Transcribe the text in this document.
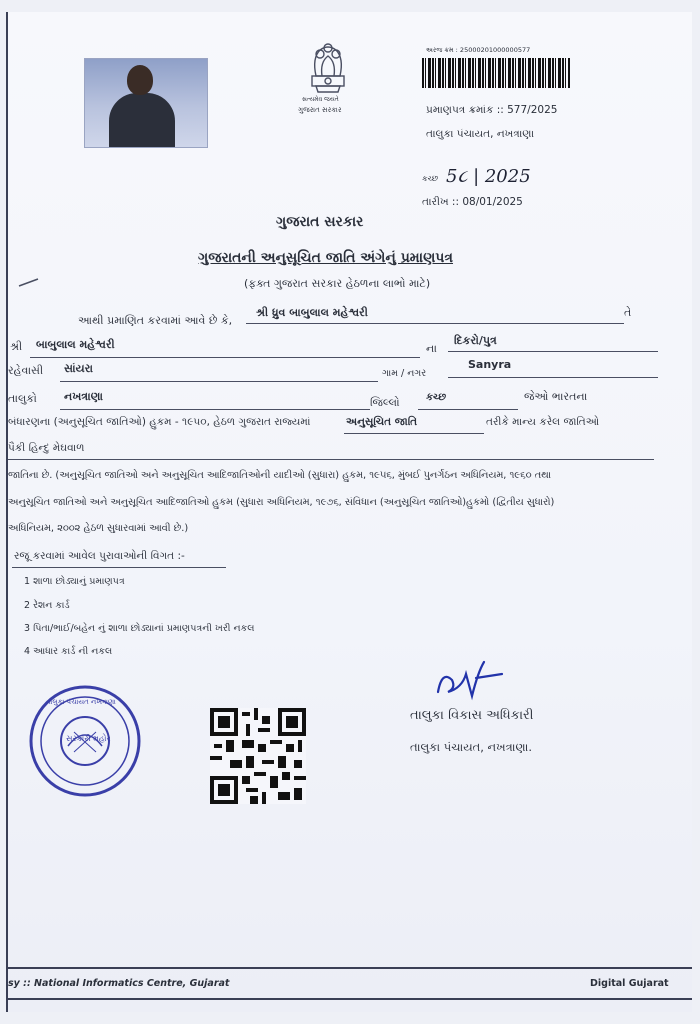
સત્યમેવ જયતે
ગુજરાત સરકાર
અરજ ક્રમ : 25000201000000577
પ્રમાણપત્ર ક્રમાંક :: 577/2025
તાલુકા પંચાયત, નખત્રાણા
કચ્છ 5૮ | 2025
તારીખ :: 08/01/2025
ગુજરાત સરકાર
ગુજરાતની અનુસૂચિત જાતિ અંગેનું પ્રમાણપત્ર
(ફક્ત ગુજરાત સરકાર હેઠળના લાભો માટે)
આથી પ્રમાણિત કરવામાં આવે છે કે,
શ્રી ધ્રુવ બાબુલાલ મહેશ્વરી	તે
શ્રી બાબુલાલ મહેશ્વરી	ના
દિકરો/પુત્ર
રહેવાસી સાંયરા	ગામ / નગર
Sanyra
તાલુકો નખત્રાણા	જિલ્લો	કચ્છ	જેઓ ભારતના
બંધારણના (અનુસૂચિત જાતિઓ) હુકમ - ૧૯૫૦, હેઠળ ગુજરાત રાજ્યમાં	અનુસૂચિત જાતિ	તરીકે માન્ય કરેલ જાતિઓ
પૈકી હિન્દુ મેઘવાળ
જાતિના છે. (અનુસૂચિત જાતિઓ અને અનુસૂચિત આદિજાતિઓની યાદીઓ (સુધારા) હુકમ, ૧૯૫૬, મુંબઈ પુનર્ગઠન અધિનિયમ, ૧૯૬૦ તથા
અનુસૂચિત જાતિઓ અને અનુસૂચિત આદિજાતિઓ હુકમ (સુધારા અધિનિયમ, ૧૯૭૬, સંવિધાન (અનુસૂચિત જાતિઓ)હુકમો (દ્વિતીય સુધારો)
અધિનિયમ, ૨૦૦૨ હેઠળ સુધારવામાં આવી છે.)
રજૂ કરવામાં આવેલ પુરાવાઓની વિગત :-
1 શાળા છોડ્યાનું પ્રમાણપત્ર
2 રેશન કાર્ડ
3 પિતા/ભાઈ/બહેન નું શાળા છોડ્યાનાં પ્રમાણપત્રની ખરી નકલ
4 આધાર કાર્ડ ની નકલ
સરકારી મહોર
તાલુકા પંચાયત નખત્રાણા
તાલુકા વિકાસ અધિકારી
તાલુકા પંચાયત, નખત્રાણા.
sy :: National Informatics Centre, Gujarat	Digital Gujarat
